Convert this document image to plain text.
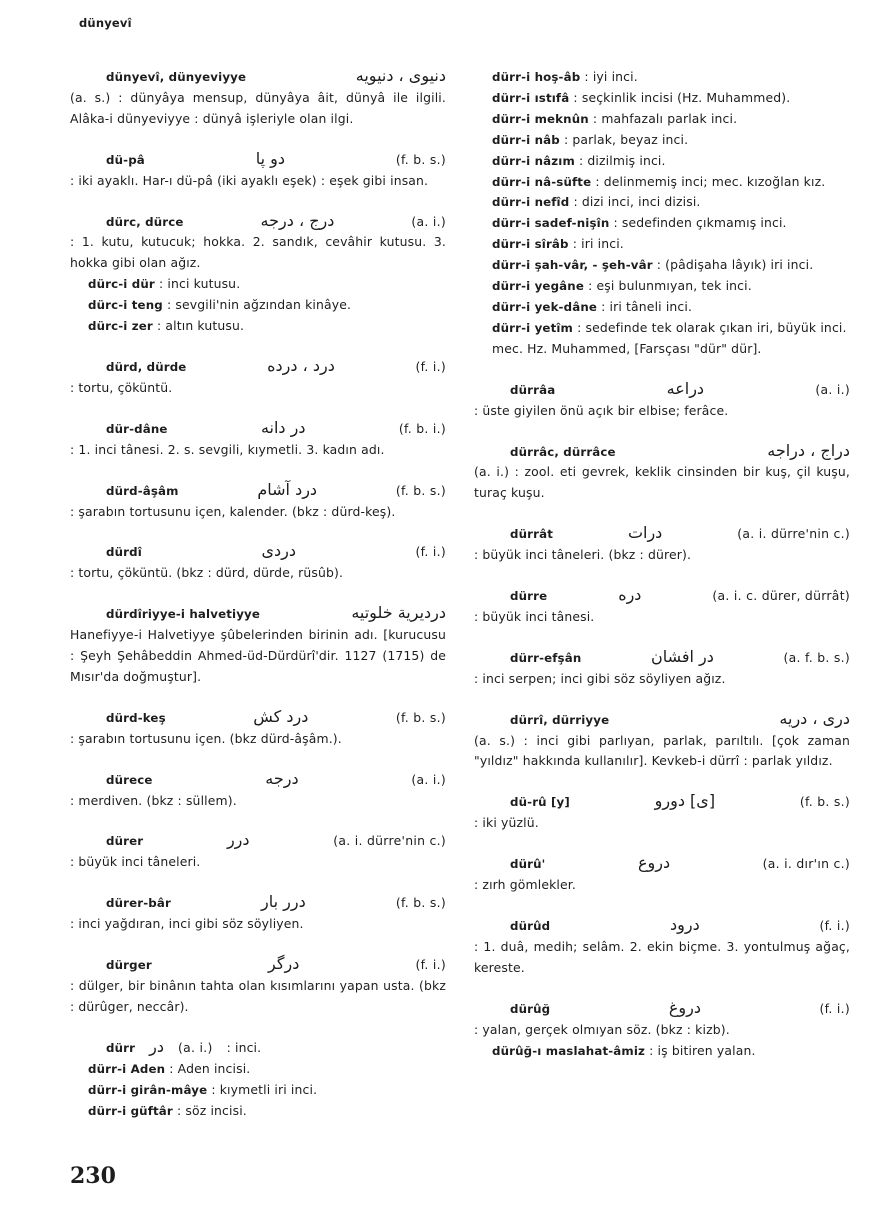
dünyevî
dünyevî, dünyeviyye	دنيوى ، دنيويه
(a. s.) : dünyâya mensup, dünyâya âit, dünyâ ile ilgili. Alâka-i dünyeviyye : dünyâ işleriyle olan ilgi.
dü-pâ	دو پا	(f. b. s.)
: iki ayaklı. Har-ı dü-pâ (iki ayaklı eşek) : eşek gibi insan.
dürc, dürce	درج ، درجه	(a. i.)
: 1. kutu, kutucuk; hokka. 2. sandık, cevâhir kutusu. 3. hokka gibi olan ağız.
dürc-i dür : inci kutusu.
dürc-i teng : sevgili'nin ağzından kinâye.
dürc-i zer : altın kutusu.
dürd, dürde	درد ، درده	(f. i.)
: tortu, çöküntü.
dür-dâne	در دانه	(f. b. i.)
: 1. inci tânesi. 2. s. sevgili, kıymetli. 3. kadın adı.
dürd-âşâm	درد آشام	(f. b. s.)
: şarabın tortusunu içen, kalender. (bkz : dürd-keş).
dürdî	دردى	(f. i.)
: tortu, çöküntü. (bkz : dürd, dürde, rüsûb).
dürdîriyye-i halvetiyye	درديرية خلوتيه
Hanefiyye-i Halvetiyye şûbelerinden birinin adı. [kurucusu : Şeyh Şehâbeddin Ahmed-üd-Dürdürî'dir. 1127 (1715) de Mısır'da doğmuştur].
dürd-keş	درد كش	(f. b. s.)
: şarabın tortusunu içen. (bkz dürd-âşâm.).
dürece	درجه	(a. i.)
: merdiven. (bkz : süllem).
dürer	درر	(a. i. dürre'nin c.)
: büyük inci tâneleri.
dürer-bâr	درر بار	(f. b. s.)
: inci yağdıran, inci gibi söz söyliyen.
dürger	درگر	(f. i.)
: dülger, bir binânın tahta olan kısımlarını yapan usta. (bkz : dürûger, neccâr).
dürr در (a. i.) : inci.
dürr-i Aden : Aden incisi.
dürr-i girân-mâye : kıymetli iri inci.
dürr-i güftâr : söz incisi.
dürr-i hoş-âb : iyi inci.
dürr-i ıstıfâ : seçkinlik incisi (Hz. Muhammed).
dürr-i meknûn : mahfazalı parlak inci.
dürr-i nâb : parlak, beyaz inci.
dürr-i nâzım : dizilmiş inci.
dürr-i nâ-süfte : delinmemiş inci; mec. kızoğlan kız.
dürr-i nefîd : dizi inci, inci dizisi.
dürr-i sadef-nişîn : sedefinden çıkmamış inci.
dürr-i sîrâb : iri inci.
dürr-i şah-vâr, - şeh-vâr : (pâdişaha lâyık) iri inci.
dürr-i yegâne : eşi bulunmıyan, tek inci.
dürr-i yek-dâne : iri tâneli inci.
dürr-i yetîm : sedefinde tek olarak çıkan iri, büyük inci. mec. Hz. Muhammed, [Farsçası "dür" dür].
dürrâa	دراعه	(a. i.)
: üste giyilen önü açık bir elbise; ferâce.
dürrâc, dürrâce	دراج ، دراجه
(a. i.) : zool. eti gevrek, keklik cinsinden bir kuş, çil kuşu, turaç kuşu.
dürrât	درات	(a. i. dürre'nin c.)
: büyük inci tâneleri. (bkz : dürer).
dürre	دره	(a. i. c. dürer, dürrât)
: büyük inci tânesi.
dürr-efşân	در افشان	(a. f. b. s.)
: inci serpen; inci gibi söz söyliyen ağız.
dürrî, dürriyye	درى ، دريه
(a. s.) : inci gibi parlıyan, parlak, parıltılı. [çok zaman "yıldız" hakkında kullanılır]. Kevkeb-i dürrî : parlak yıldız.
dü-rû [y]	[ى] دورو	(f. b. s.)
: iki yüzlü.
dürû'	دروع	(a. i. dır'ın c.)
: zırh gömlekler.
dürûd	درود	(f. i.)
: 1. duâ, medih; selâm. 2. ekin biçme. 3. yontulmuş ağaç, kereste.
dürûğ	دروغ	(f. i.)
: yalan, gerçek olmıyan söz. (bkz : kizb).
dürûğ-ı maslahat-âmiz : iş bitiren yalan.
230
